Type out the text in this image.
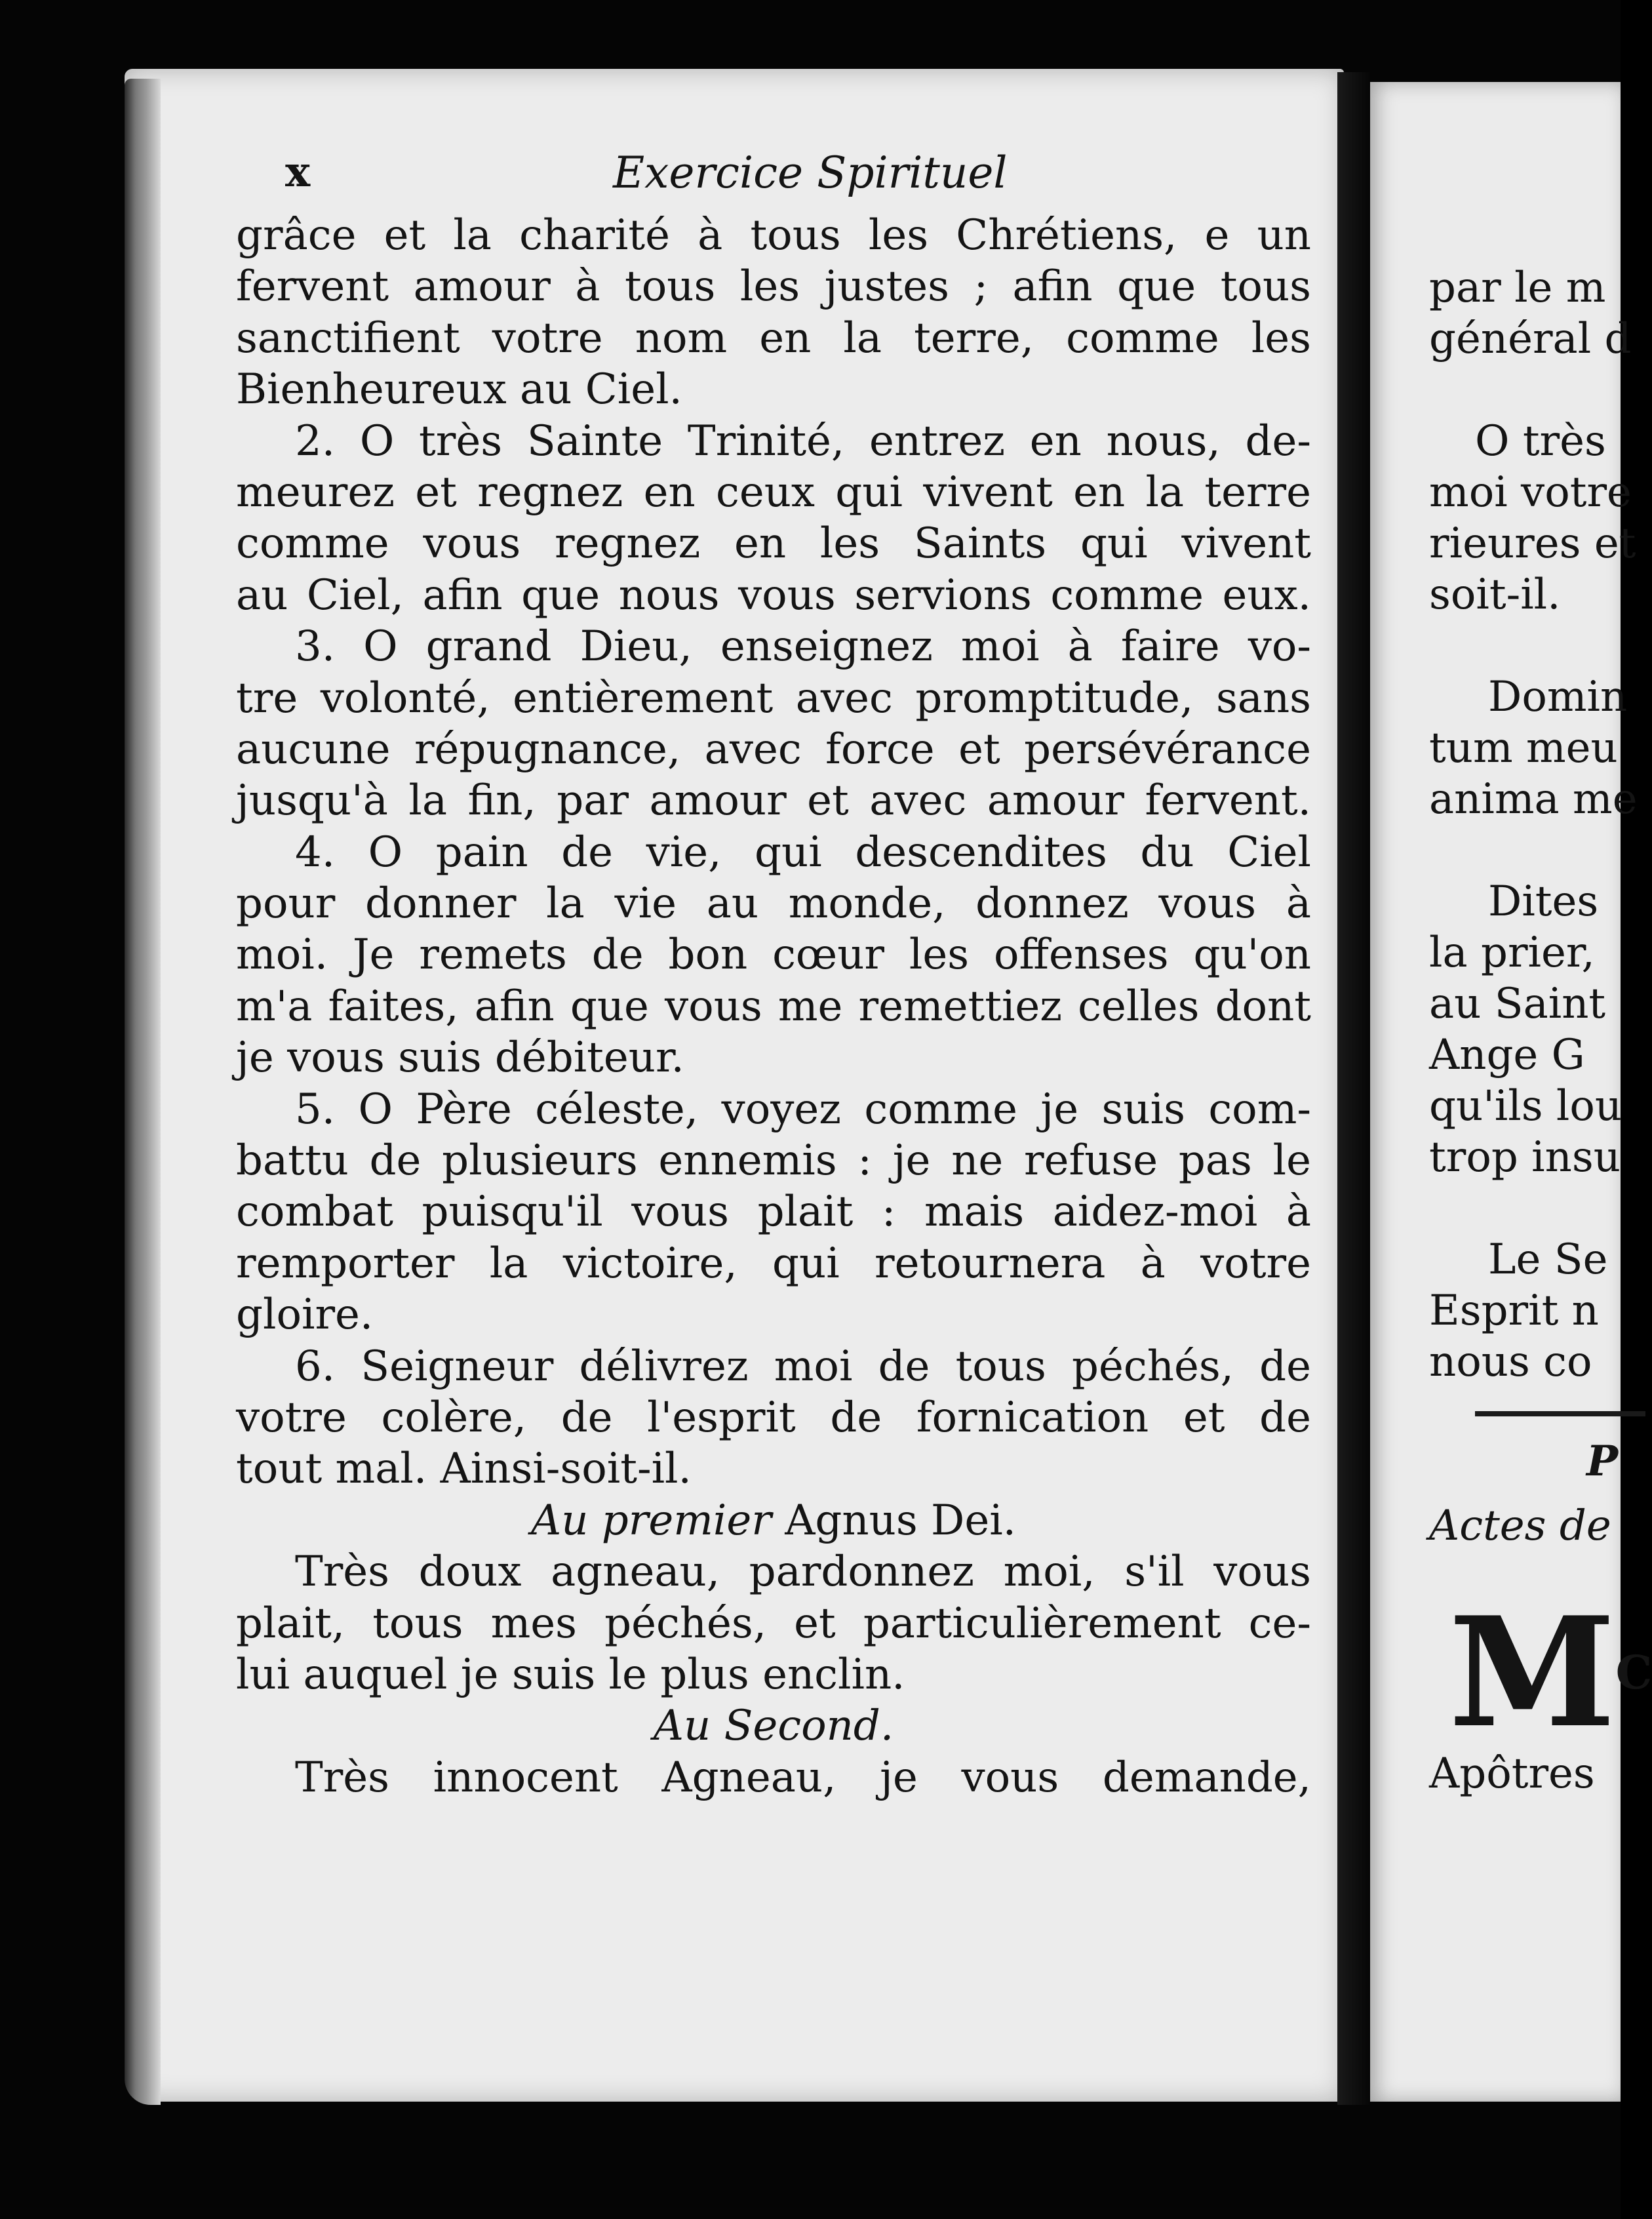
x	Exercice Spirituel
grâce et la charité à tous les Chrétiens, e un
fervent amour à tous les justes ; afin que tous
sanctifient votre nom en la terre, comme les
Bienheureux au Ciel.
2. O très Sainte Trinité, entrez en nous, de-
meurez et regnez en ceux qui vivent en la terre
comme vous regnez en les Saints qui vivent
au Ciel, afin que nous vous servions comme eux.
3. O grand Dieu, enseignez moi à faire vo-
tre volonté, entièrement avec promptitude, sans
aucune répugnance, avec force et persévérance
jusqu'à la fin, par amour et avec amour fervent.
4. O pain de vie, qui descendites du Ciel
pour donner la vie au monde, donnez vous à
moi. Je remets de bon cœur les offenses qu'on
m'a faites, afin que vous me remettiez celles dont
je vous suis débiteur.
5. O Père céleste, voyez comme je suis com-
battu de plusieurs ennemis : je ne refuse pas le
combat puisqu'il vous plait : mais aidez-moi à
remporter la victoire, qui retournera à votre
gloire.
6. Seigneur délivrez moi de tous péchés, de
votre colère, de l'esprit de fornication et de
tout mal. Ainsi-soit-il.
Au premier Agnus Dei.
Très doux agneau, pardonnez moi, s'il vous
plait, tous mes péchés, et particulièrement ce-
lui auquel je suis le plus enclin.
Au Second.
Très innocent Agneau, je vous demande,
par le m
général d
O très
moi votre
rieures et
soit-il.
Domin
tum meu
anima me
Dites
la prier,
au Saint
Ange G
qu'ils lou
trop insu
Le Se
Esprit n
nous co
P
Actes de
$M^C$
Apôtres
